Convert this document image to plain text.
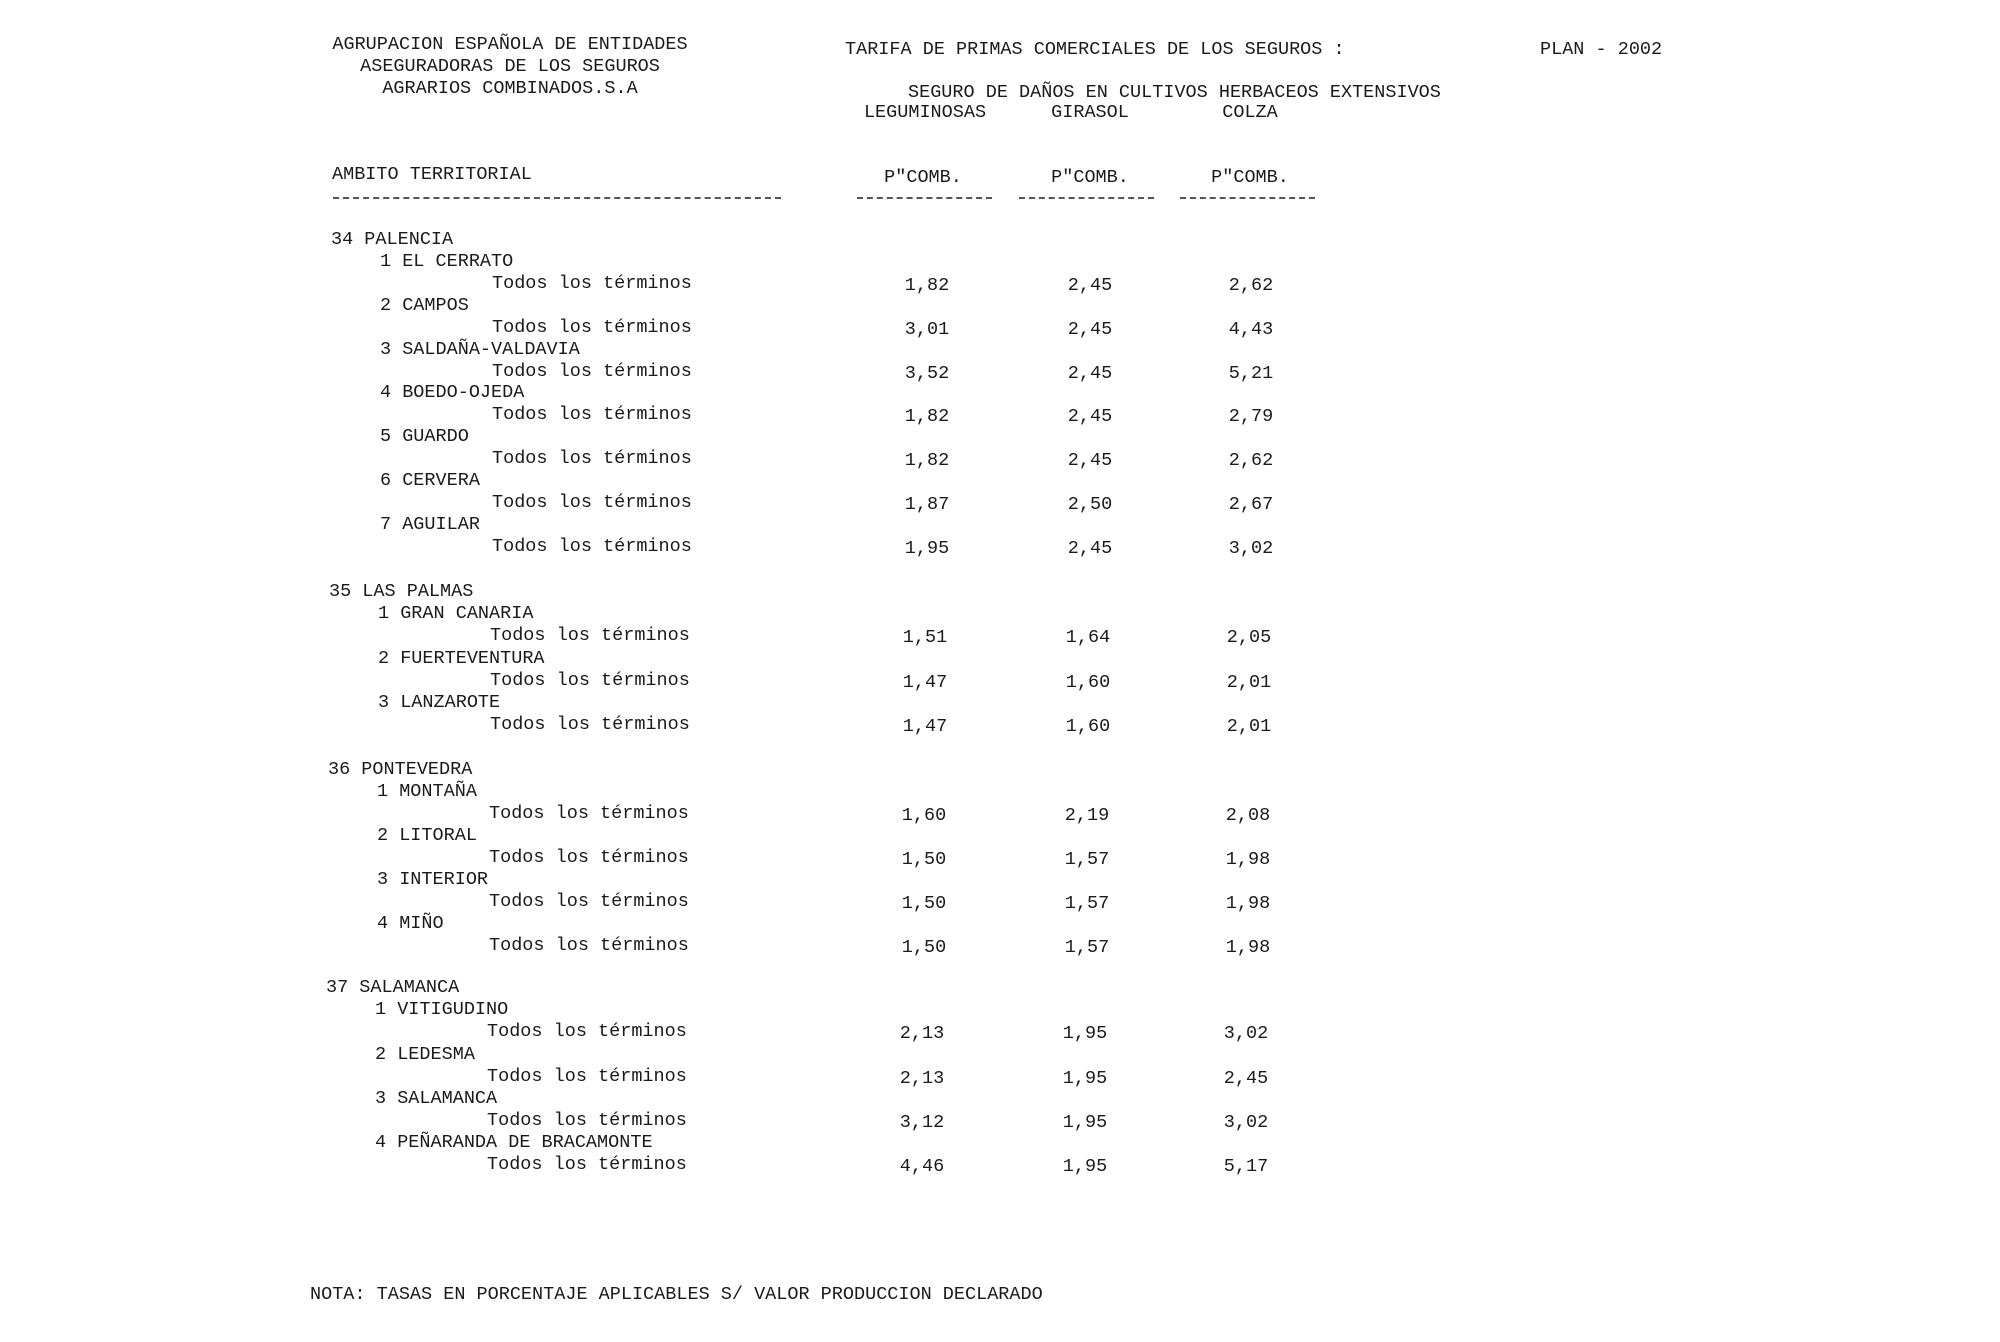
AGRUPACION ESPAÑOLA DE ENTIDADES
ASEGURADORAS DE LOS SEGUROS
AGRARIOS COMBINADOS.S.A
TARIFA DE PRIMAS COMERCIALES DE LOS SEGUROS :	PLAN - 2002
SEGURO DE DAÑOS EN CULTIVOS HERBACEOS EXTENSIVOS
LEGUMINOSAS	GIRASOL	COLZA
AMBITO TERRITORIAL	P"COMB.	P"COMB.	P"COMB.
34 PALENCIA
1 EL CERRATO
Todos los términos	1,82	2,45	2,62
2 CAMPOS
Todos los términos	3,01	2,45	4,43
3 SALDAÑA-VALDAVIA
Todos los términos	3,52	2,45	5,21
4 BOEDO-OJEDA
Todos los términos	1,82	2,45	2,79
5 GUARDO
Todos los términos	1,82	2,45	2,62
6 CERVERA
Todos los términos	1,87	2,50	2,67
7 AGUILAR
Todos los términos	1,95	2,45	3,02
35 LAS PALMAS
1 GRAN CANARIA
Todos los términos	1,51	1,64	2,05
2 FUERTEVENTURA
Todos los términos	1,47	1,60	2,01
3 LANZAROTE
Todos los términos	1,47	1,60	2,01
36 PONTEVEDRA
1 MONTAÑA
Todos los términos	1,60	2,19	2,08
2 LITORAL
Todos los términos	1,50	1,57	1,98
3 INTERIOR
Todos los términos	1,50	1,57	1,98
4 MIÑO
Todos los términos	1,50	1,57	1,98
37 SALAMANCA
1 VITIGUDINO
Todos los términos	2,13	1,95	3,02
2 LEDESMA
Todos los términos	2,13	1,95	2,45
3 SALAMANCA
Todos los términos	3,12	1,95	3,02
4 PEÑARANDA DE BRACAMONTE
Todos los términos	4,46	1,95	5,17
NOTA: TASAS EN PORCENTAJE APLICABLES S/ VALOR PRODUCCION DECLARADO
